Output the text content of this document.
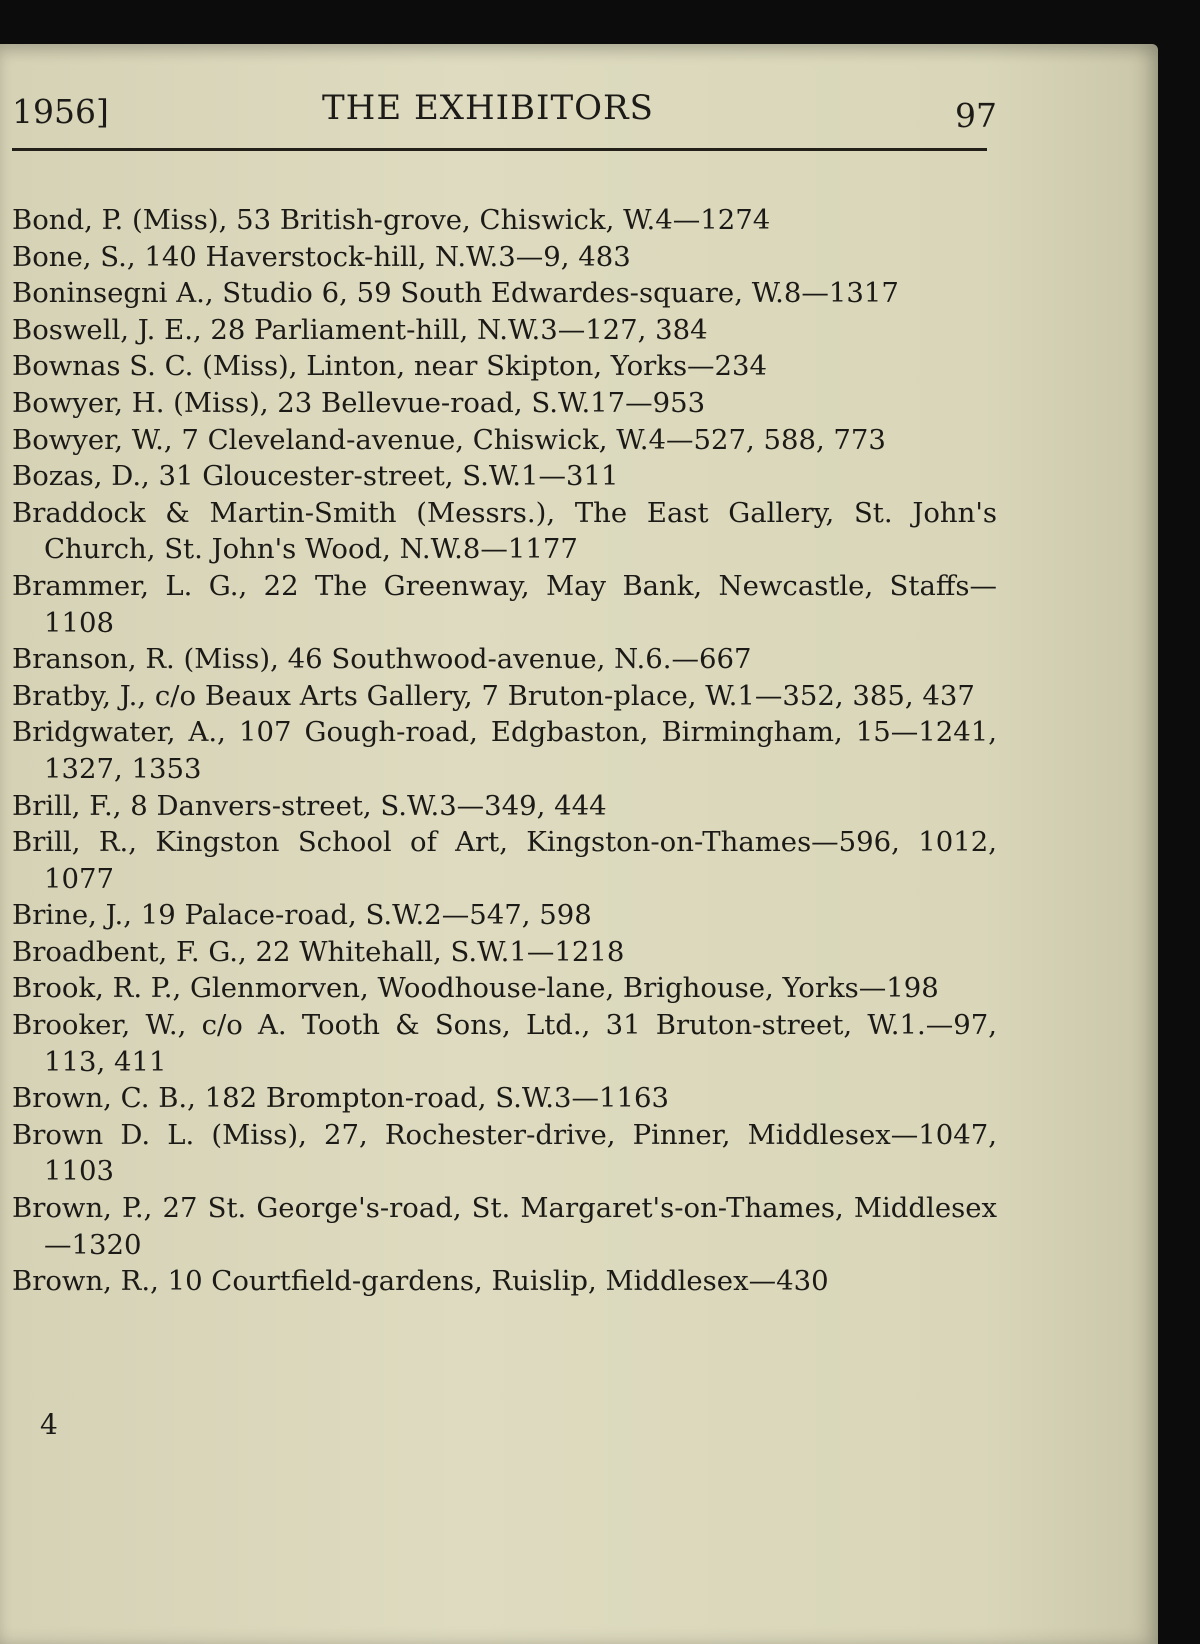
1956]	THE EXHIBITORS	97
Bond, P. (Miss), 53 British-grove, Chiswick, W.4—1274
Bone, S., 140 Haverstock-hill, N.W.3—9, 483
Boninsegni A., Studio 6, 59 South Edwardes-square, W.8—1317
Boswell, J. E., 28 Parliament-hill, N.W.3—127, 384
Bownas S. C. (Miss), Linton, near Skipton, Yorks—234
Bowyer, H. (Miss), 23 Bellevue-road, S.W.17—953
Bowyer, W., 7 Cleveland-avenue, Chiswick, W.4—527, 588, 773
Bozas, D., 31 Gloucester-street, S.W.1—311
Braddock & Martin-Smith (Messrs.), The East Gallery, St. John's Church, St. John's Wood, N.W.8—1177
Brammer, L. G., 22 The Greenway, May Bank, Newcastle, Staffs—1108
Branson, R. (Miss), 46 Southwood-avenue, N.6.—667
Bratby, J., c/o Beaux Arts Gallery, 7 Bruton-place, W.1—352, 385, 437
Bridgwater, A., 107 Gough-road, Edgbaston, Birmingham, 15—1241, 1327, 1353
Brill, F., 8 Danvers-street, S.W.3—349, 444
Brill, R., Kingston School of Art, Kingston-on-Thames—596, 1012, 1077
Brine, J., 19 Palace-road, S.W.2—547, 598
Broadbent, F. G., 22 Whitehall, S.W.1—1218
Brook, R. P., Glenmorven, Woodhouse-lane, Brighouse, Yorks—198
Brooker, W., c/o A. Tooth & Sons, Ltd., 31 Bruton-street, W.1.—97, 113, 411
Brown, C. B., 182 Brompton-road, S.W.3—1163
Brown D. L. (Miss), 27, Rochester-drive, Pinner, Middlesex—1047, 1103
Brown, P., 27 St. George's-road, St. Margaret's-on-Thames, Middlesex—1320
Brown, R., 10 Courtfield-gardens, Ruislip, Middlesex—430
4
